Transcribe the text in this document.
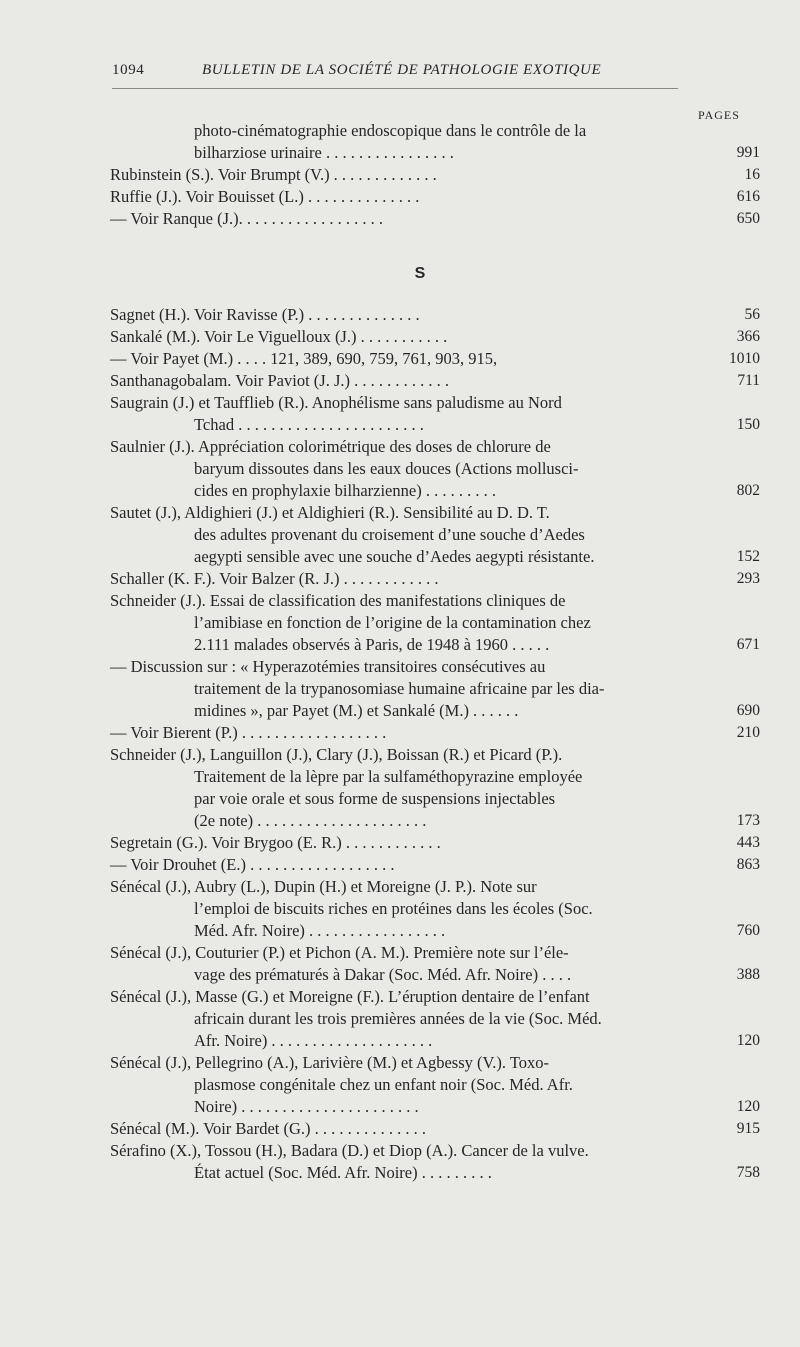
1094	BULLETIN DE LA SOCIÉTÉ DE PATHOLOGIE EXOTIQUE
PAGES
photo-cinématographie endoscopique dans le contrôle de la
bilharziose urinaire . . . . . . . . . . . . . . . .	991
Rubinstein (S.). Voir Brumpt (V.) . . . . . . . . . . . . .	16
Ruffie (J.). Voir Bouisset (L.) . . . . . . . . . . . . . .	616
— Voir Ranque (J.). . . . . . . . . . . . . . . . . .	650
S
Sagnet (H.). Voir Ravisse (P.) . . . . . . . . . . . . . .	56
Sankalé (M.). Voir Le Viguelloux (J.) . . . . . . . . . . .	366
— Voir Payet (M.) . . . . 121, 389, 690, 759, 761, 903, 915,	1010
Santhanagobalam. Voir Paviot (J. J.) . . . . . . . . . . . .	711
Saugrain (J.) et Taufflieb (R.). Anophélisme sans paludisme au Nord
Tchad . . . . . . . . . . . . . . . . . . . . . . .	150
Saulnier (J.). Appréciation colorimétrique des doses de chlorure de
baryum dissoutes dans les eaux douces (Actions mollusci-
cides en prophylaxie bilharzienne) . . . . . . . . .	802
Sautet (J.), Aldighieri (J.) et Aldighieri (R.). Sensibilité au D. D. T.
des adultes provenant du croisement d’une souche d’Aedes
aegypti sensible avec une souche d’Aedes aegypti résistante.	152
Schaller (K. F.). Voir Balzer (R. J.) . . . . . . . . . . . .	293
Schneider (J.). Essai de classification des manifestations cliniques de
l’amibiase en fonction de l’origine de la contamination chez
2.111 malades observés à Paris, de 1948 à 1960 . . . . .	671
— Discussion sur : « Hyperazotémies transitoires consécutives au
traitement de la trypanosomiase humaine africaine par les dia-
midines », par Payet (M.) et Sankalé (M.) . . . . . .	690
— Voir Bierent (P.) . . . . . . . . . . . . . . . . . .	210
Schneider (J.), Languillon (J.), Clary (J.), Boissan (R.) et Picard (P.).
Traitement de la lèpre par la sulfaméthopyrazine employée
par voie orale et sous forme de suspensions injectables
(2e note) . . . . . . . . . . . . . . . . . . . . .	173
Segretain (G.). Voir Brygoo (E. R.) . . . . . . . . . . . .	443
— Voir Drouhet (E.) . . . . . . . . . . . . . . . . . .	863
Sénécal (J.), Aubry (L.), Dupin (H.) et Moreigne (J. P.). Note sur
l’emploi de biscuits riches en protéines dans les écoles (Soc.
Méd. Afr. Noire) . . . . . . . . . . . . . . . . .	760
Sénécal (J.), Couturier (P.) et Pichon (A. M.). Première note sur l’éle-
vage des prématurés à Dakar (Soc. Méd. Afr. Noire) . . . .	388
Sénécal (J.), Masse (G.) et Moreigne (F.). L’éruption dentaire de l’enfant
africain durant les trois premières années de la vie (Soc. Méd.
Afr. Noire) . . . . . . . . . . . . . . . . . . . .	120
Sénécal (J.), Pellegrino (A.), Larivière (M.) et Agbessy (V.). Toxo-
plasmose congénitale chez un enfant noir (Soc. Méd. Afr.
Noire) . . . . . . . . . . . . . . . . . . . . . .	120
Sénécal (M.). Voir Bardet (G.) . . . . . . . . . . . . . .	915
Sérafino (X.), Tossou (H.), Badara (D.) et Diop (A.). Cancer de la vulve.
État actuel (Soc. Méd. Afr. Noire) . . . . . . . . .	758
